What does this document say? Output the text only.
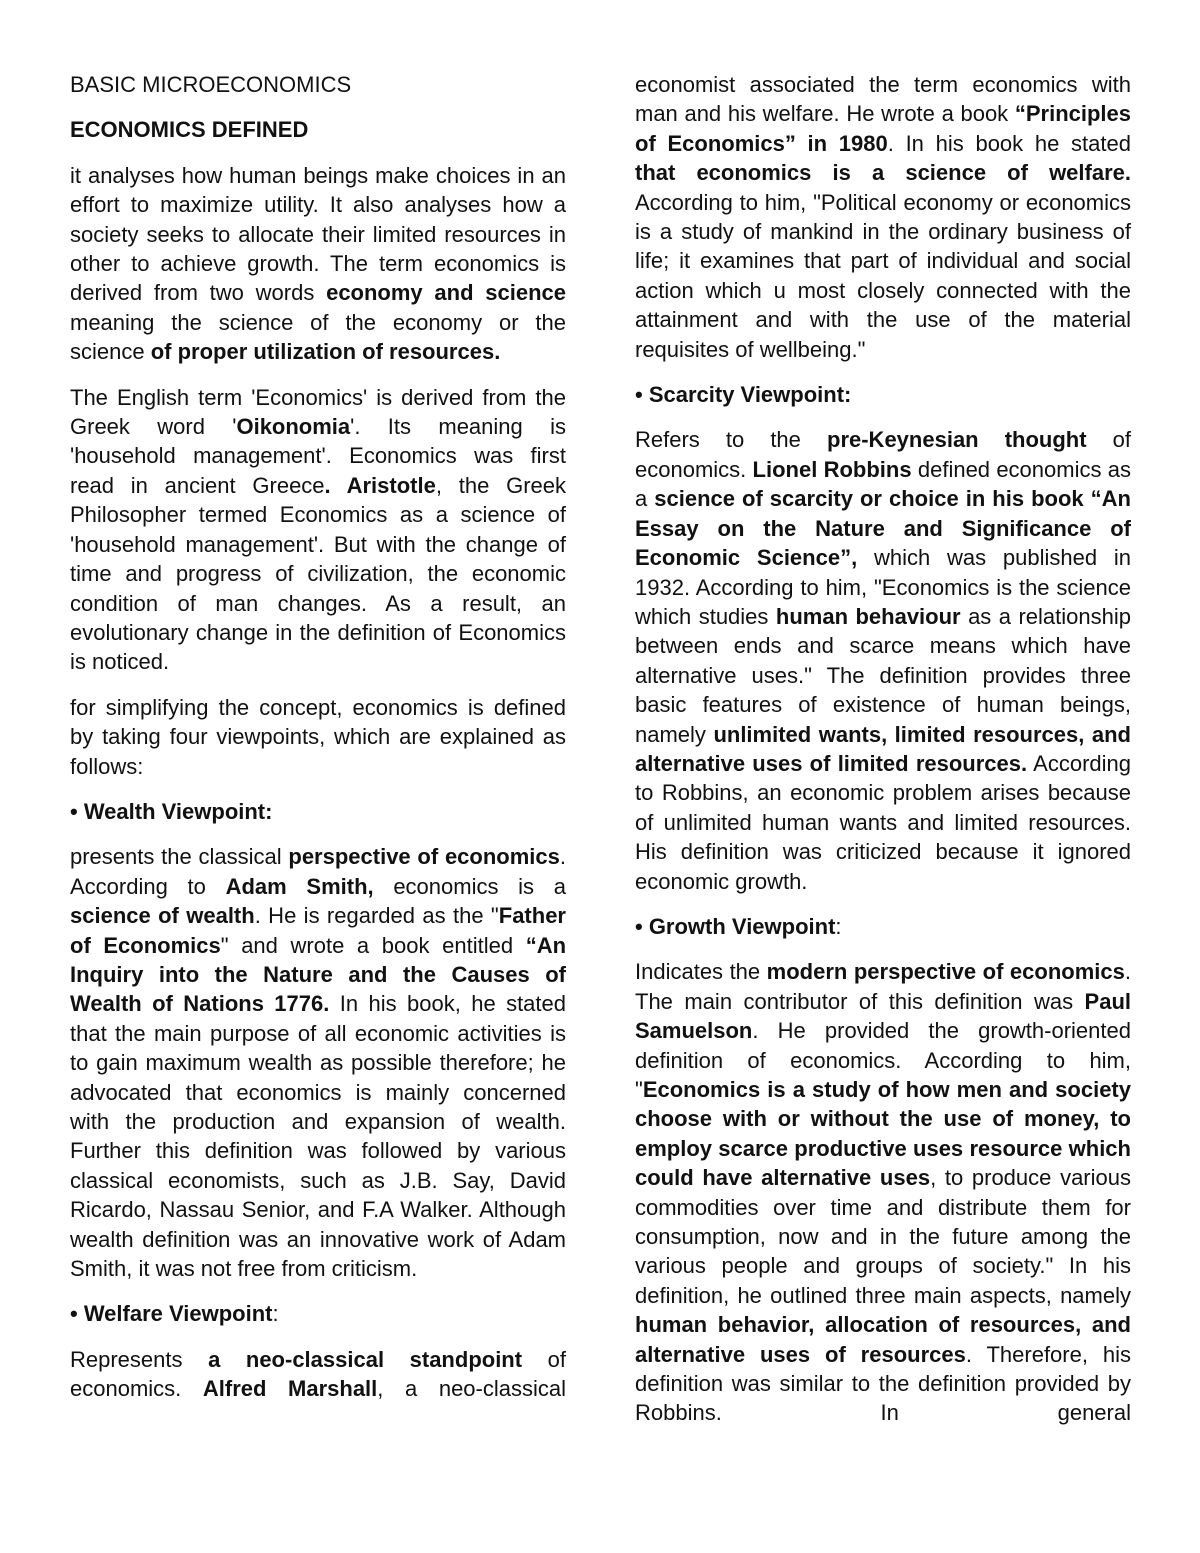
BASIC MICROECONOMICS
ECONOMICS DEFINED

it analyses how human beings make choices in an effort to maximize utility. It also analyses how a society seeks to allocate their limited resources in other to achieve growth. The term economics is derived from two words economy and science meaning the science of the economy or the science of proper utilization of resources.

The English term 'Economics' is derived from the Greek word 'Oikonomia'. Its meaning is 'household management'. Economics was first read in ancient Greece. Aristotle, the Greek Philosopher termed Economics as a science of 'household management'. But with the change of time and progress of civilization, the economic condition of man changes. As a result, an evolutionary change in the definition of Economics is noticed.

for simplifying the concept, economics is defined by taking four viewpoints, which are explained as follows:

• Wealth Viewpoint:

presents the classical perspective of economics. According to Adam Smith, economics is a science of wealth. He is regarded as the "Father of Economics" and wrote a book entitled “An Inquiry into the Nature and the Causes of Wealth of Nations 1776. In his book, he stated that the main purpose of all economic activities is to gain maximum wealth as possible therefore; he advocated that economics is mainly concerned with the production and expansion of wealth. Further this definition was followed by various classical economists, such as J.B. Say, David Ricardo, Nassau Senior, and F.A Walker. Although wealth definition was an innovative work of Adam Smith, it was not free from criticism.

• Welfare Viewpoint:

Represents a neo-classical standpoint of economics. Alfred Marshall, a neo-classical

economist associated the term economics with man and his welfare. He wrote a book “Principles of Economics” in 1980. In his book he stated that economics is a science of welfare. According to him, "Political economy or economics is a study of mankind in the ordinary business of life; it examines that part of individual and social action which u most closely connected with the attainment and with the use of the material requisites of wellbeing."

• Scarcity Viewpoint:

Refers to the pre-Keynesian thought of economics. Lionel Robbins defined economics as a science of scarcity or choice in his book “An Essay on the Nature and Significance of Economic Science”, which was published in 1932. According to him, "Economics is the science which studies human behaviour as a relationship between ends and scarce means which have alternative uses." The definition provides three basic features of existence of human beings, namely unlimited wants, limited resources, and alternative uses of limited resources. According to Robbins, an economic problem arises because of unlimited human wants and limited resources. His definition was criticized because it ignored economic growth.

• Growth Viewpoint:

Indicates the modern perspective of economics. The main contributor of this definition was Paul Samuelson. He provided the growth-oriented definition of economics. According to him, "Economics is a study of how men and society choose with or without the use of money, to employ scarce productive uses resource which could have alternative uses, to produce various commodities over time and distribute them for consumption, now and in the future among the various people and groups of society." In his definition, he outlined three main aspects, namely human behavior, allocation of resources, and alternative uses of resources. Therefore, his definition was similar to the definition provided by Robbins. In general
